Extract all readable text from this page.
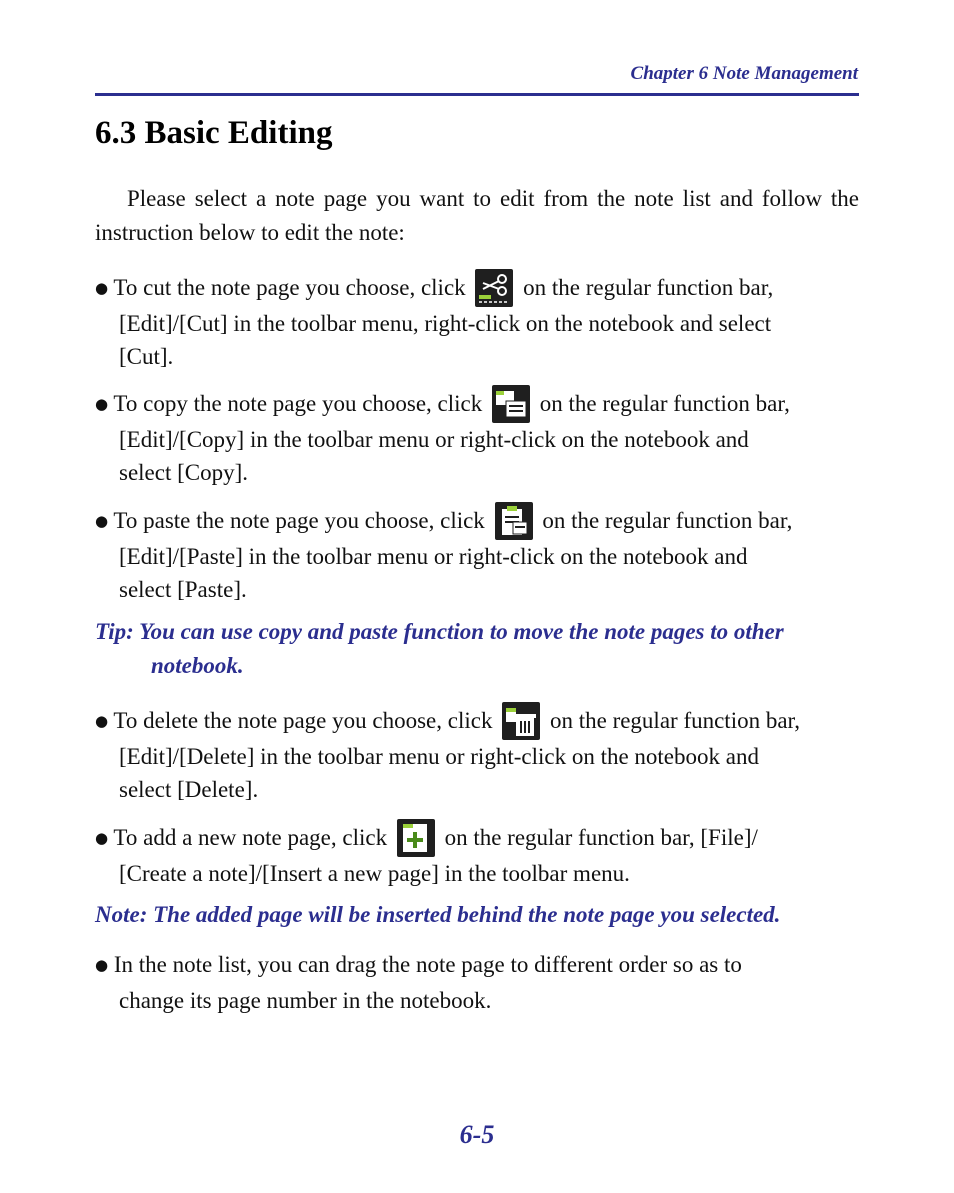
Chapter 6 Note Management
6.3 Basic Editing

Please select a note page you want to edit from the note list and follow the instruction below to edit the note:

● To cut the note page you choose, click	on the regular function bar,
[Edit]/[Cut] in the toolbar menu, right-click on the notebook and select
[Cut].
● To copy the note page you choose, click	on the regular function bar,
[Edit]/[Copy] in the toolbar menu or right-click on the notebook and
select [Copy].
● To paste the note page you choose, click	on the regular function bar,
[Edit]/[Paste] in the toolbar menu or right-click on the notebook and
select [Paste].
Tip: You can use copy and paste function to move the note pages to other
notebook.
● To delete the note page you choose, click	on the regular function bar,
[Edit]/[Delete] in the toolbar menu or right-click on the notebook and
select [Delete].
● To add a new note page, click	on the regular function bar, [File]/
[Create a note]/[Insert a new page] in the toolbar menu.
Note: The added page will be inserted behind the note page you selected.
● In the note list, you can drag the note page to different order so as to
change its page number in the notebook.
6-5
